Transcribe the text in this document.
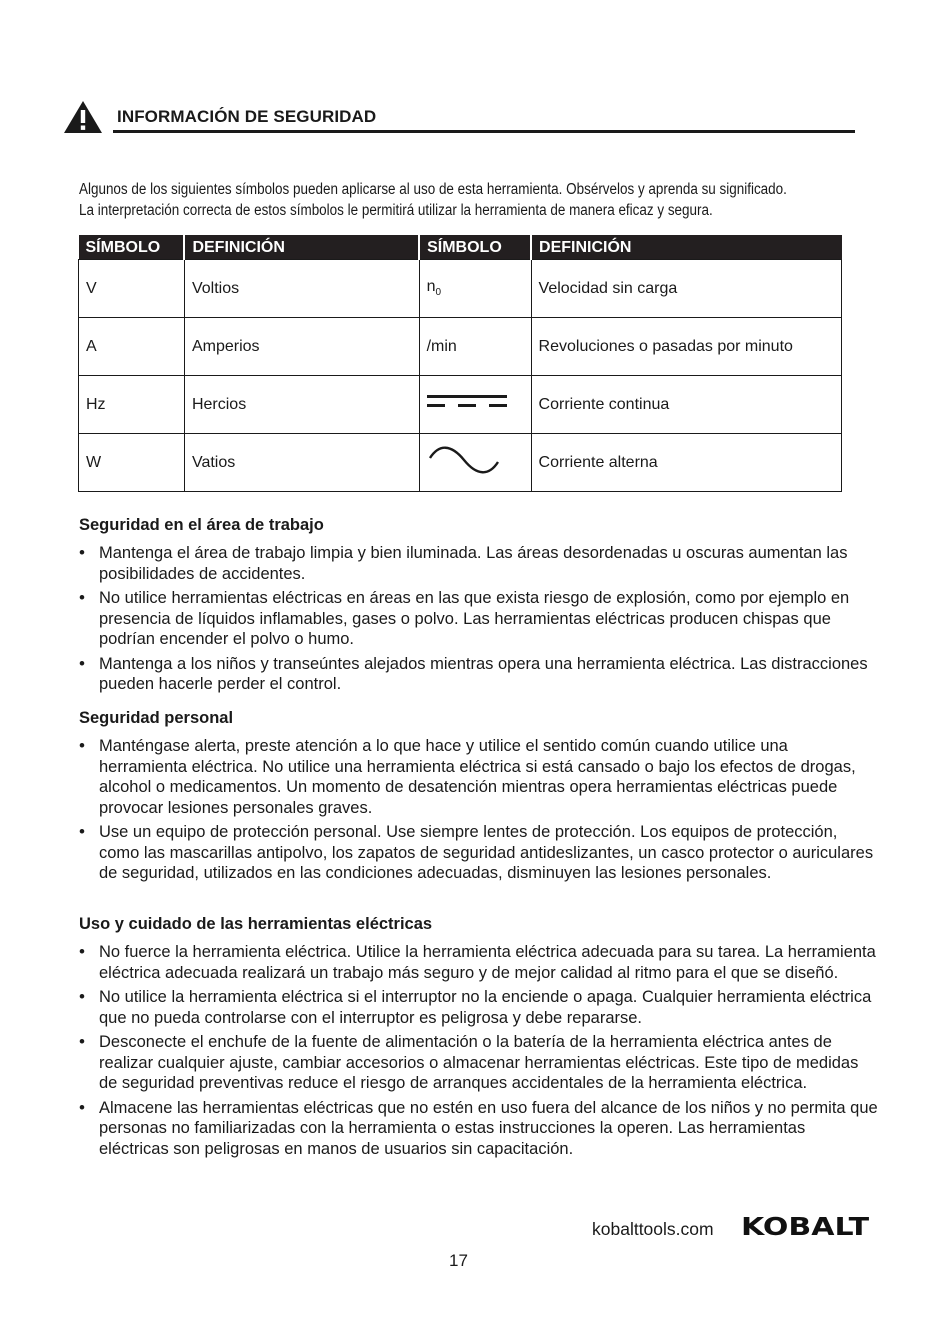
INFORMACIÓN DE SEGURIDAD

Algunos de los siguientes símbolos pueden aplicarse al uso de esta herramienta. Obsérvelos y aprenda su significado.

La interpretación correcta de estos símbolos le permitirá utilizar la herramienta de manera eficaz y segura.

SÍMBOLO	DEFINICIÓN	SÍMBOLO	DEFINICIÓN
V	Voltios	$n_0$	Velocidad sin carga
A	Amperios	/min	Revoluciones o pasadas por minuto
Hz	Hercios		Corriente continua
W	Vatios		Corriente alterna
Seguridad en el área de trabajo
• Mantenga el área de trabajo limpia y bien iluminada. Las áreas desordenadas u oscuras aumentan las posibilidades de accidentes.
• No utilice herramientas eléctricas en áreas en las que exista riesgo de explosión, como por ejemplo en presencia de líquidos inflamables, gases o polvo. Las herramientas eléctricas producen chispas que podrían encender el polvo o humo.
• Mantenga a los niños y transeúntes alejados mientras opera una herramienta eléctrica. Las distracciones pueden hacerle perder el control.
Seguridad personal
• Manténgase alerta, preste atención a lo que hace y utilice el sentido común cuando utilice una herramienta eléctrica. No utilice una herramienta eléctrica si está cansado o bajo los efectos de drogas, alcohol o medicamentos. Un momento de desatención mientras opera herramientas eléctricas puede provocar lesiones personales graves.
• Use un equipo de protección personal. Use siempre lentes de protección. Los equipos de protección, como las mascarillas antipolvo, los zapatos de seguridad antideslizantes, un casco protector o auriculares de seguridad, utilizados en las condiciones adecuadas, disminuyen las lesiones personales.
Uso y cuidado de las herramientas eléctricas
• No fuerce la herramienta eléctrica. Utilice la herramienta eléctrica adecuada para su tarea. La herramienta eléctrica adecuada realizará un trabajo más seguro y de mejor calidad al ritmo para el que se diseñó.
• No utilice la herramienta eléctrica si el interruptor no la enciende o apaga. Cualquier herramienta eléctrica que no pueda controlarse con el interruptor es peligrosa y debe repararse.
• Desconecte el enchufe de la fuente de alimentación o la batería de la herramienta eléctrica antes de realizar cualquier ajuste, cambiar accesorios o almacenar herramientas eléctricas. Este tipo de medidas de seguridad preventivas reduce el riesgo de arranques accidentales de la herramienta eléctrica.
• Almacene las herramientas eléctricas que no estén en uso fuera del alcance de los niños y no permita que personas no familiarizadas con la herramienta o estas instrucciones la operen. Las herramientas eléctricas son peligrosas en manos de usuarios sin capacitación.
kobalttools.com KOBALT
17
